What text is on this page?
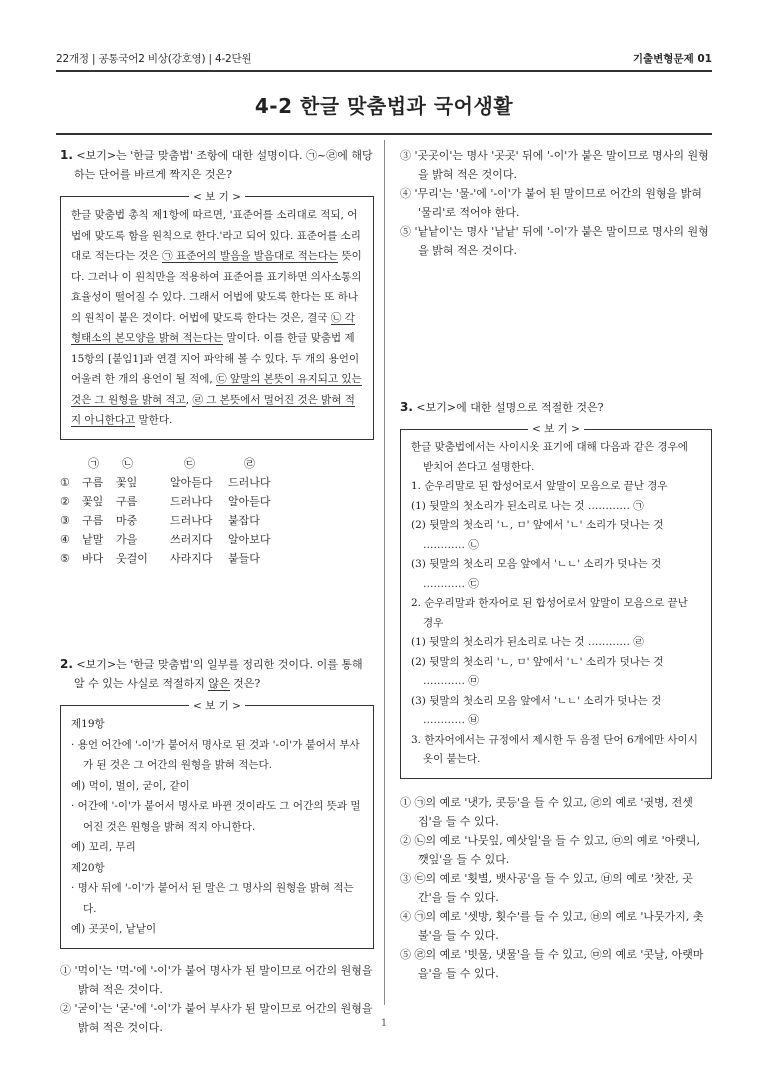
22개정 | 공통국어2 비상(강호영) | 4-2단원	기출변형문제 01
4-2 한글 맞춤법과 국어생활

1. <보기>는 '한글 맞춤법' 조항에 대한 설명이다. ㉠~㉣에 해당하는 단어를 바르게 짝지은 것은?

< 보 기 >
한글 맞춤법 총칙 제1항에 따르면, '표준어를 소리대로 적되, 어법에 맞도록 함을 원칙으로 한다.'라고 되어 있다. 표준어를 소리대로 적는다는 것은 ㉠ 표준어의 발음을 발음대로 적는다는 뜻이다. 그러나 이 원칙만을 적용하여 표준어를 표기하면 의사소통의 효율성이 떨어질 수 있다. 그래서 어법에 맞도록 한다는 또 하나의 원칙이 붙은 것이다. 어법에 맞도록 한다는 것은, 결국 ㉡ 각 형태소의 본모양을 밝혀 적는다는 말이다. 이를 한글 맞춤법 제15항의 [붙임1]과 연결 지어 파악해 볼 수 있다. 두 개의 용언이 어울려 한 개의 용언이 될 적에, ㉢ 앞말의 본뜻이 유지되고 있는 것은 그 원형을 밝혀 적고, ㉣ 그 본뜻에서 멀어진 것은 밝혀 적지 아니한다고 말한다.
㉠	㉡	㉢	㉣
①	구름	꽃잎	알아듣다	드러나다
②	꽃잎	구름	드러나다	알아듣다
③	구름	마중	드러나다	붙잡다
④	낱말	가을	쓰러지다	알아보다
⑤	바다	웃걸이	사라지다	붙들다

2. <보기>는 '한글 맞춤법'의 일부를 정리한 것이다. 이를 통해 알 수 있는 사실로 적절하지 않은 것은?

< 보 기 >
제19항
· 용언 어간에 '-이'가 붙어서 명사로 된 것과 '-이'가 붙어서 부사가 된 것은 그 어간의 원형을 밝혀 적는다.
예) 먹이, 벌이, 굳이, 같이
· 어간에 '-이'가 붙어서 명사로 바뀐 것이라도 그 어간의 뜻과 멀어진 것은 원형을 밝혀 적지 아니한다.
예) 꼬리, 무리
제20항
· 명사 뒤에 '-이'가 붙어서 된 말은 그 명사의 원형을 밝혀 적는다.
예) 곳곳이, 낱낱이
① '먹이'는 '먹-'에 '-이'가 붙어 명사가 된 말이므로 어간의 원형을 밝혀 적은 것이다.
② '굳이'는 '굳-'에 '-이'가 붙어 부사가 된 말이므로 어간의 원형을 밝혀 적은 것이다.
③ '곳곳이'는 명사 '곳곳' 뒤에 '-이'가 붙은 말이므로 명사의 원형을 밝혀 적은 것이다.
④ '무리'는 '물-'에 '-이'가 붙어 된 말이므로 어간의 원형을 밝혀 '물리'로 적어야 한다.
⑤ '낱낱이'는 명사 '낱낱' 뒤에 '-이'가 붙은 말이므로 명사의 원형을 밝혀 적은 것이다.

3. <보기>에 대한 설명으로 적절한 것은?

< 보 기 >
한글 맞춤법에서는 사이시옷 표기에 대해 다음과 같은 경우에 받치어 쓴다고 설명한다.
1. 순우리말로 된 합성어로서 앞말이 모음으로 끝난 경우
(1) 뒷말의 첫소리가 된소리로 나는 것 ………… ㉠
(2) 뒷말의 첫소리 'ㄴ, ㅁ' 앞에서 'ㄴ' 소리가 덧나는 것 ………… ㉡
(3) 뒷말의 첫소리 모음 앞에서 'ㄴㄴ' 소리가 덧나는 것 ………… ㉢
2. 순우리말과 한자어로 된 합성어로서 앞말이 모음으로 끝난 경우
(1) 뒷말의 첫소리가 된소리로 나는 것 ………… ㉣
(2) 뒷말의 첫소리 'ㄴ, ㅁ' 앞에서 'ㄴ' 소리가 덧나는 것 ………… ㉤
(3) 뒷말의 첫소리 모음 앞에서 'ㄴㄴ' 소리가 덧나는 것 ………… ㉥
3. 한자어에서는 규정에서 제시한 두 음절 단어 6개에만 사이시옷이 붙는다.
① ㉠의 예로 '냇가, 콧등'을 들 수 있고, ㉣의 예로 '귓병, 전셋집'을 들 수 있다.
② ㉡의 예로 '나뭇잎, 예삿일'을 들 수 있고, ㉤의 예로 '아랫니, 깻잎'을 들 수 있다.
③ ㉢의 예로 '횟별, 뱃사공'을 들 수 있고, ㉥의 예로 '찻잔, 곳간'을 들 수 있다.
④ ㉠의 예로 '셋방, 횟수'를 들 수 있고, ㉥의 예로 '나뭇가지, 촛불'을 들 수 있다.
⑤ ㉣의 예로 '빗물, 냇물'을 들 수 있고, ㉤의 예로 '콧날, 아랫마을'을 들 수 있다.
1
